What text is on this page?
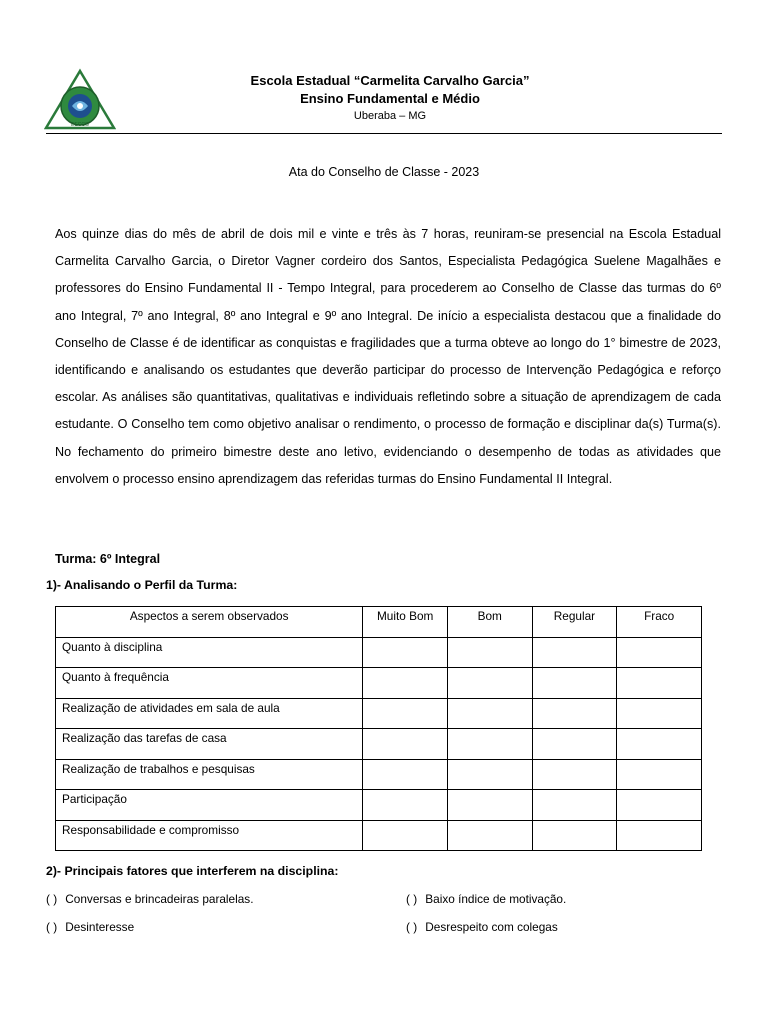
EECCG
Escola Estadual “Carmelita Carvalho Garcia”
Ensino Fundamental e Médio
Uberaba – MG
Ata do Conselho de Classe - 2023
Aos quinze dias do mês de abril de dois mil e vinte e três às 7 horas, reuniram-se presencial na Escola Estadual Carmelita Carvalho Garcia, o Diretor Vagner cordeiro dos Santos, Especialista Pedagógica Suelene Magalhães e professores do Ensino Fundamental II - Tempo Integral, para procederem ao Conselho de Classe das turmas do 6º ano Integral, 7º ano Integral, 8º ano Integral e 9º ano Integral. De início a especialista destacou que a finalidade do Conselho de Classe é de identificar as conquistas e fragilidades que a turma obteve ao longo do 1° bimestre de 2023, identificando e analisando os estudantes que deverão participar do processo de Intervenção Pedagógica e reforço escolar. As análises são quantitativas, qualitativas e individuais refletindo sobre a situação de aprendizagem de cada estudante. O Conselho tem como objetivo analisar o rendimento, o processo de formação e disciplinar da(s) Turma(s). No fechamento do primeiro bimestre deste ano letivo, evidenciando o desempenho de todas as atividades que envolvem o processo ensino aprendizagem das referidas turmas do Ensino Fundamental II Integral.
Turma: 6º Integral
1)- Analisando o Perfil da Turma:
Aspectos a serem observados	Muito Bom	Bom	Regular	Fraco
Quanto à disciplina				
Quanto à frequência				
Realização de atividades em sala de aula				
Realização das tarefas de casa				
Realização de trabalhos e pesquisas				
Participação				
Responsabilidade e compromisso				
2)- Principais fatores que interferem na disciplina:
( ) Conversas e brincadeiras paralelas.	( ) Baixo índice de motivação.
( ) Desinteresse	( ) Desrespeito com colegas
